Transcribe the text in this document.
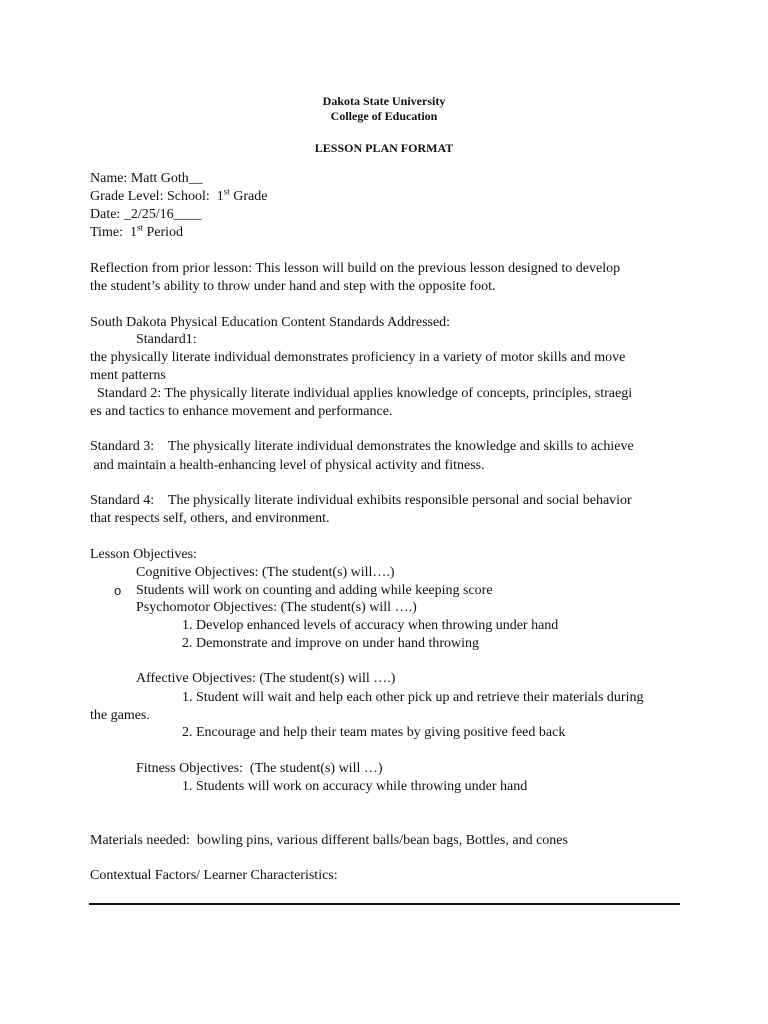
Dakota State University
College of Education
LESSON PLAN FORMAT
Name: Matt Goth__
Grade Level: School:  1st Grade
Date: _2/25/16____
Time:  1st Period
Reflection from prior lesson: This lesson will build on the previous lesson designed to develop
the student’s ability to throw under hand and step with the opposite foot.
South Dakota Physical Education Content Standards Addressed:
Standard1:
the physically literate individual demonstrates proficiency in a variety of motor skills and move
ment patterns
Standard 2: The physically literate individual applies knowledge of concepts, principles, straegi
es and tactics to enhance movement and performance.
Standard 3:    The physically literate individual demonstrates the knowledge and skills to achieve
and maintain a health-enhancing level of physical activity and fitness.
Standard 4:    The physically literate individual exhibits responsible personal and social behavior
that respects self, others, and environment.
Lesson Objectives:
Cognitive Objectives: (The student(s) will….)
o Students will work on counting and adding while keeping score
Psychomotor Objectives: (The student(s) will ….)
1. Develop enhanced levels of accuracy when throwing under hand
2. Demonstrate and improve on under hand throwing
Affective Objectives: (The student(s) will ….)
1. Student will wait and help each other pick up and retrieve their materials during
the games.
2. Encourage and help their team mates by giving positive feed back
Fitness Objectives:  (The student(s) will …)
1. Students will work on accuracy while throwing under hand
Materials needed:  bowling pins, various different balls/bean bags, Bottles, and cones
Contextual Factors/ Learner Characteristics:
